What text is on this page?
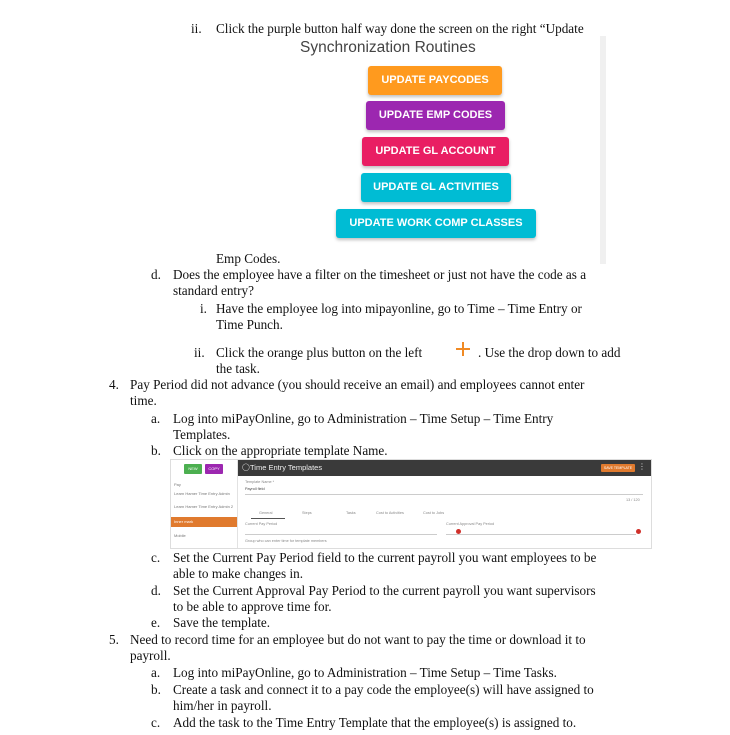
ii. Click the purple button half way done the screen on the right “Update
Synchronization Routines
UPDATE PAYCODES
UPDATE EMP CODES
UPDATE GL ACCOUNT
UPDATE GL ACTIVITIES
UPDATE WORK COMP CLASSES
Emp Codes.
d. Does the employee have a filter on the timesheet or just not have the code as a
standard entry?
i. Have the employee log into mipayonline, go to Time – Time Entry or
Time Punch.
ii. Click the orange plus button on the left	. Use the drop down to add
the task.
4. Pay Period did not advance (you should receive an email) and employees cannot enter
time.
a. Log into miPayOnline, go to Administration – Time Setup – Time Entry
Templates.
b. Click on the appropriate template Name.
NEW	COPY
Pay
Learn Hamer Time Entry Admin
Learn Hamer Time Entry Admin 2
Inner mark
Mobile
◯ Time Entry Templates	SAVE TEMPLATE ⋮
Template Name *
Payroll field
13 / 120
General	Steps	Tasks	Cost to Activities	Cost to Jobs
Current Pay Period	Current Approval Pay Period
Group who can enter time for template members
c. Set the Current Pay Period field to the current payroll you want employees to be
able to make changes in.
d. Set the Current Approval Pay Period to the current payroll you want supervisors
to be able to approve time for.
e. Save the template.
5. Need to record time for an employee but do not want to pay the time or download it to
payroll.
a. Log into miPayOnline, go to Administration – Time Setup – Time Tasks.
b. Create a task and connect it to a pay code the employee(s) will have assigned to
him/her in payroll.
c. Add the task to the Time Entry Template that the employee(s) is assigned to.
